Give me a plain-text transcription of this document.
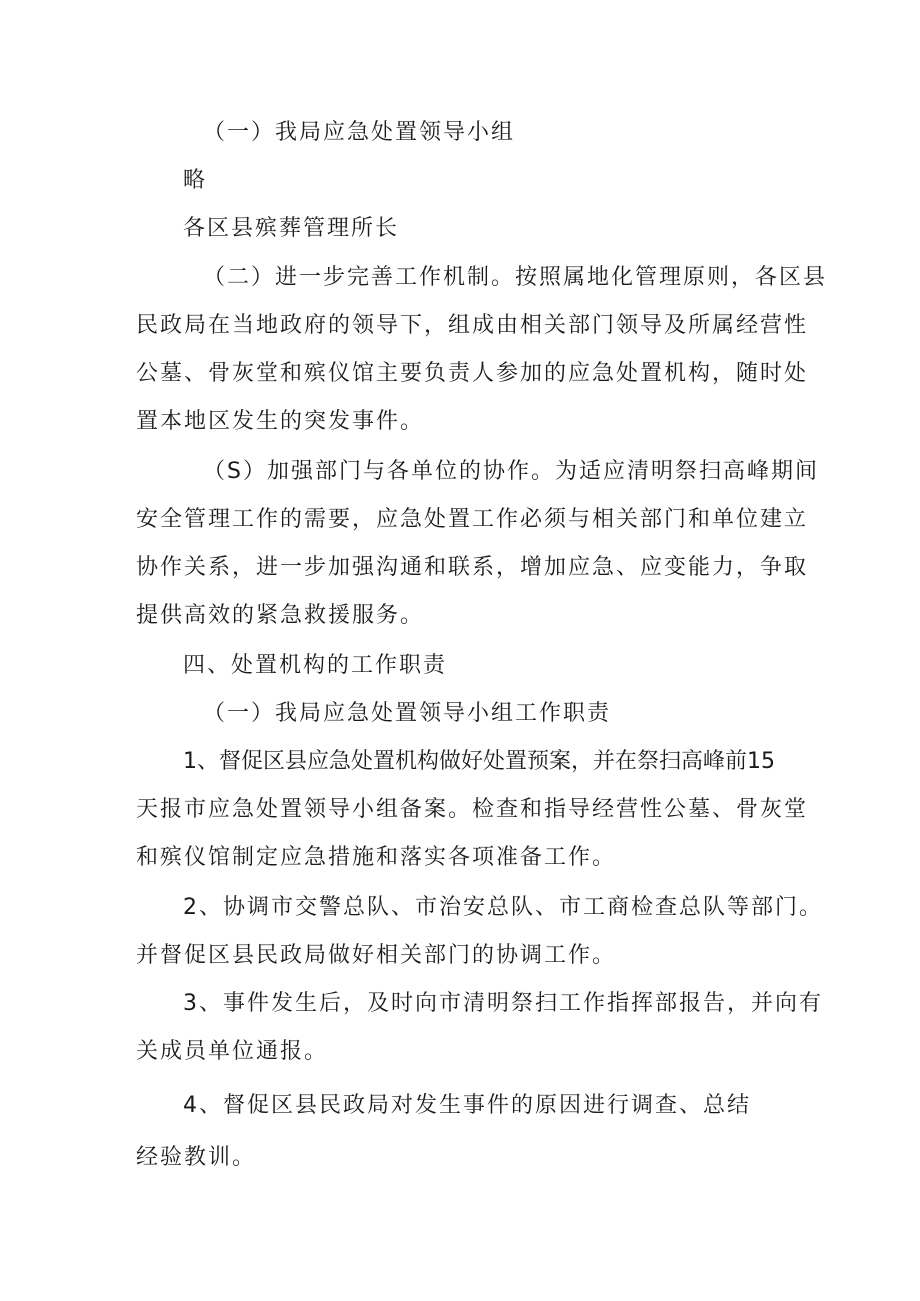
（一）我局应急处置领导小组
略
各区县殡葬管理所长
（二）进一步完善工作机制。按照属地化管理原则，各区县
民政局在当地政府的领导下，组成由相关部门领导及所属经营性
公墓、骨灰堂和殡仪馆主要负责人参加的应急处置机构，随时处
置本地区发生的突发事件。
（S）加强部门与各单位的协作。为适应清明祭扫高峰期间
安全管理工作的需要，应急处置工作必须与相关部门和单位建立
协作关系，进一步加强沟通和联系，增加应急、应变能力，争取
提供高效的紧急救援服务。
四、处置机构的工作职责
（一）我局应急处置领导小组工作职责
1、督促区县应急处置机构做好处置预案，并在祭扫高峰前15
天报市应急处置领导小组备案。检查和指导经营性公墓、骨灰堂
和殡仪馆制定应急措施和落实各项准备工作。
2、协调市交警总队、市治安总队、市工商检查总队等部门。
并督促区县民政局做好相关部门的协调工作。
3、事件发生后，及时向市清明祭扫工作指挥部报告，并向有
关成员单位通报。
4、督促区县民政局对发生事件的原因进行调查、总结
经验教训。
